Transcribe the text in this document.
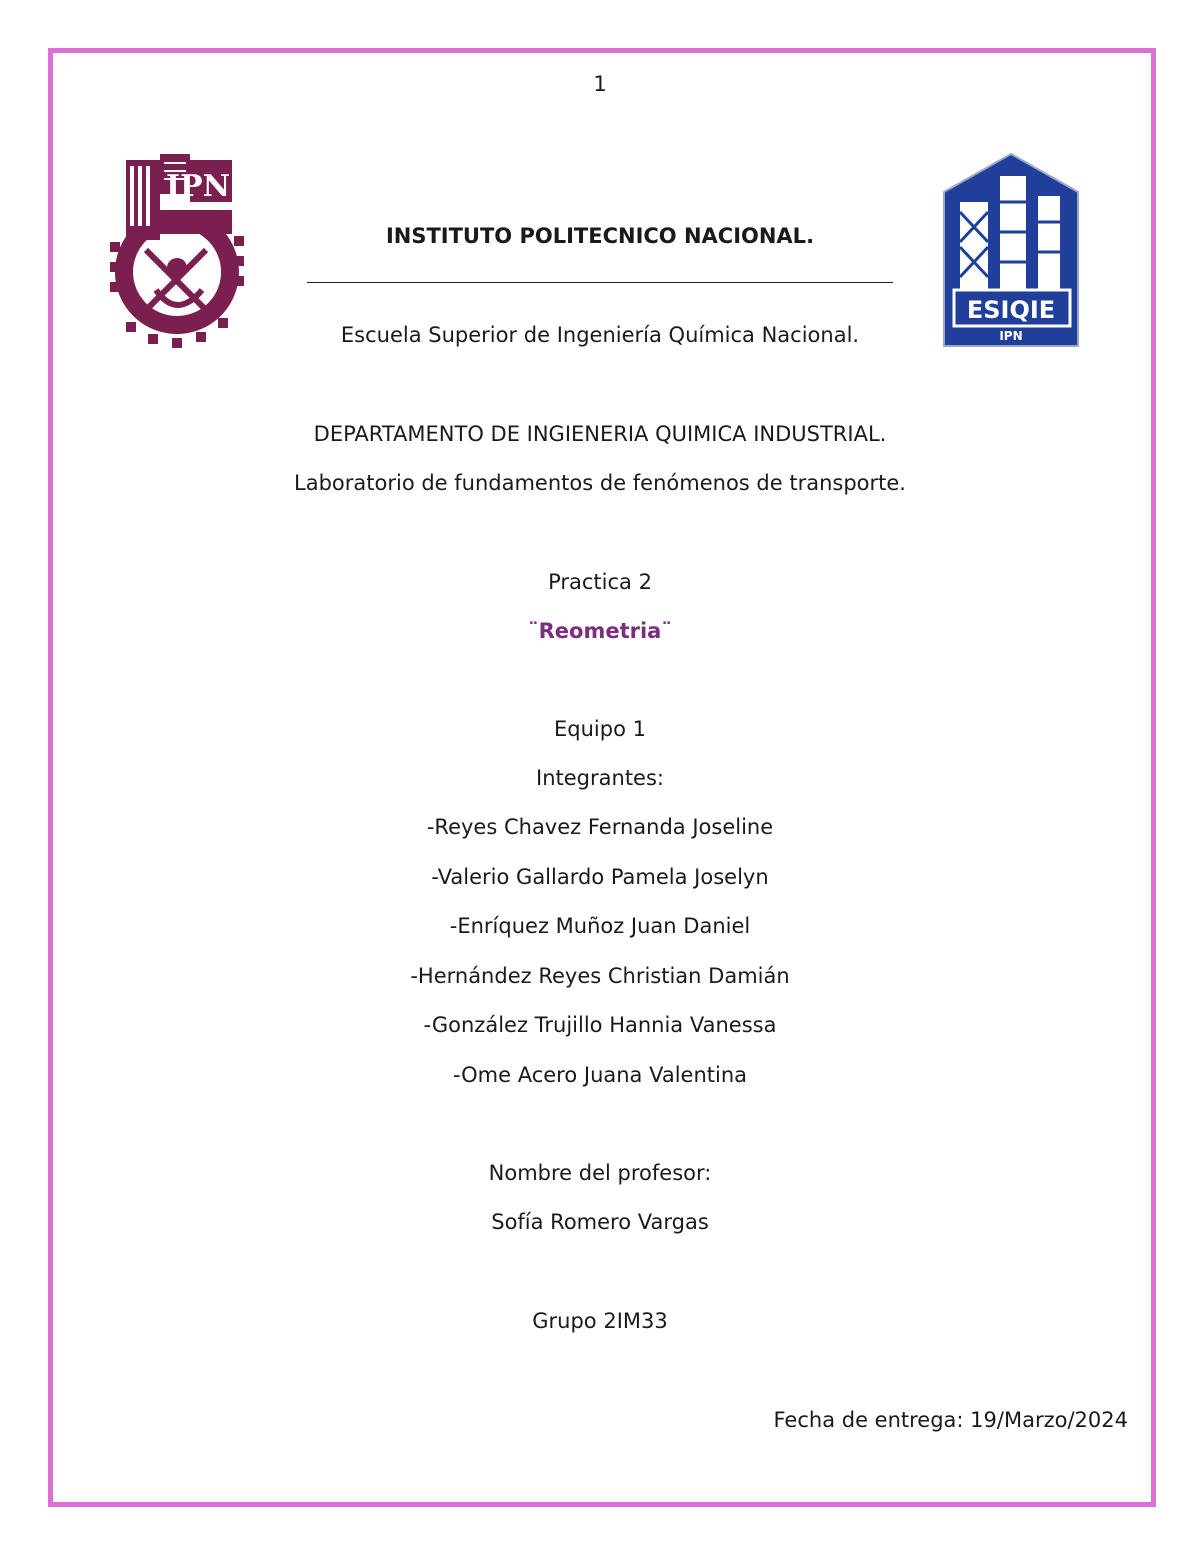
1
IPN
ESIQIE
IPN
INSTITUTO POLITECNICO NACIONAL.
Escuela Superior de Ingeniería Química Nacional.
DEPARTAMENTO DE INGIENERIA QUIMICA INDUSTRIAL.
Laboratorio de fundamentos de fenómenos de transporte.
Practica 2
¨Reometria¨
Equipo 1
Integrantes:
-Reyes Chavez Fernanda Joseline
-Valerio Gallardo Pamela Joselyn
-Enríquez Muñoz Juan Daniel
-Hernández Reyes Christian Damián
-González Trujillo Hannia Vanessa
-Ome Acero Juana Valentina
Nombre del profesor:
Sofía Romero Vargas
Grupo 2IM33
Fecha de entrega: 19/Marzo/2024
